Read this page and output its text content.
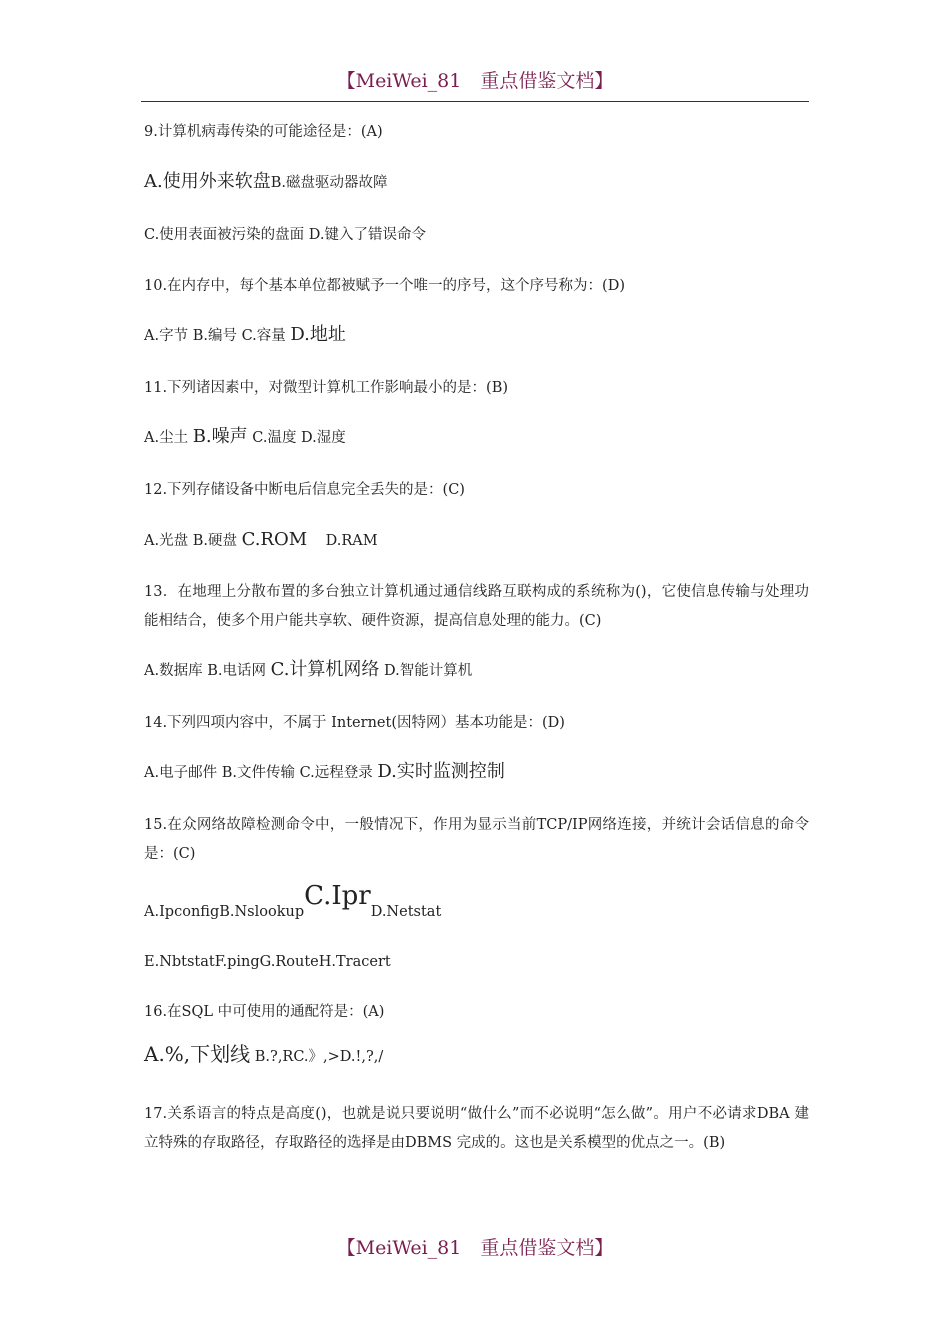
【MeiWei_81　重点借鉴文档】
9.计算机病毒传染的可能途径是：(A)
A.使用外来软盘B.磁盘驱动器故障
C.使用表面被污染的盘面 D.键入了错误命令
10.在内存中，每个基本单位都被赋予一个唯一的序号，这个序号称为：(D)
A.字节 B.编号 C.容量 D.地址
11.下列诸因素中，对微型计算机工作影响最小的是：(B)
A.尘土 B.噪声 C.温度 D.湿度
12.下列存储设备中断电后信息完全丢失的是：(C)
A.光盘 B.硬盘 C.ROM D.RAM
13．在地理上分散布置的多台独立计算机通过通信线路互联构成的系统称为()，它使信息传输与处理功能相结合，使多个用户能共享软、硬件资源，提高信息处理的能力。(C)
A.数据库 B.电话网 C.计算机网络 D.智能计算机
14.下列四项内容中，不属于 Internet(因特网）基本功能是：(D)
A.电子邮件 B.文件传输 C.远程登录 D.实时监测控制
15.在众网络故障检测命令中，一般情况下，作用为显示当前TCP/IP网络连接，并统计会话信息的命令是：(C)
A.IpconfigB.NslookupC.IprD.Netstat
E.NbtstatF.pingG.RouteH.Tracert
16.在SQL 中可使用的通配符是：(A)
A.%,下划线 B.?,RC.》,>D.!,?,/
17.关系语言的特点是高度()，也就是说只要说明“做什么”而不必说明“怎么做”。用户不必请求DBA 建立特殊的存取路径，存取路径的选择是由DBMS 完成的。这也是关系模型的优点之一。(B)
【MeiWei_81　重点借鉴文档】
